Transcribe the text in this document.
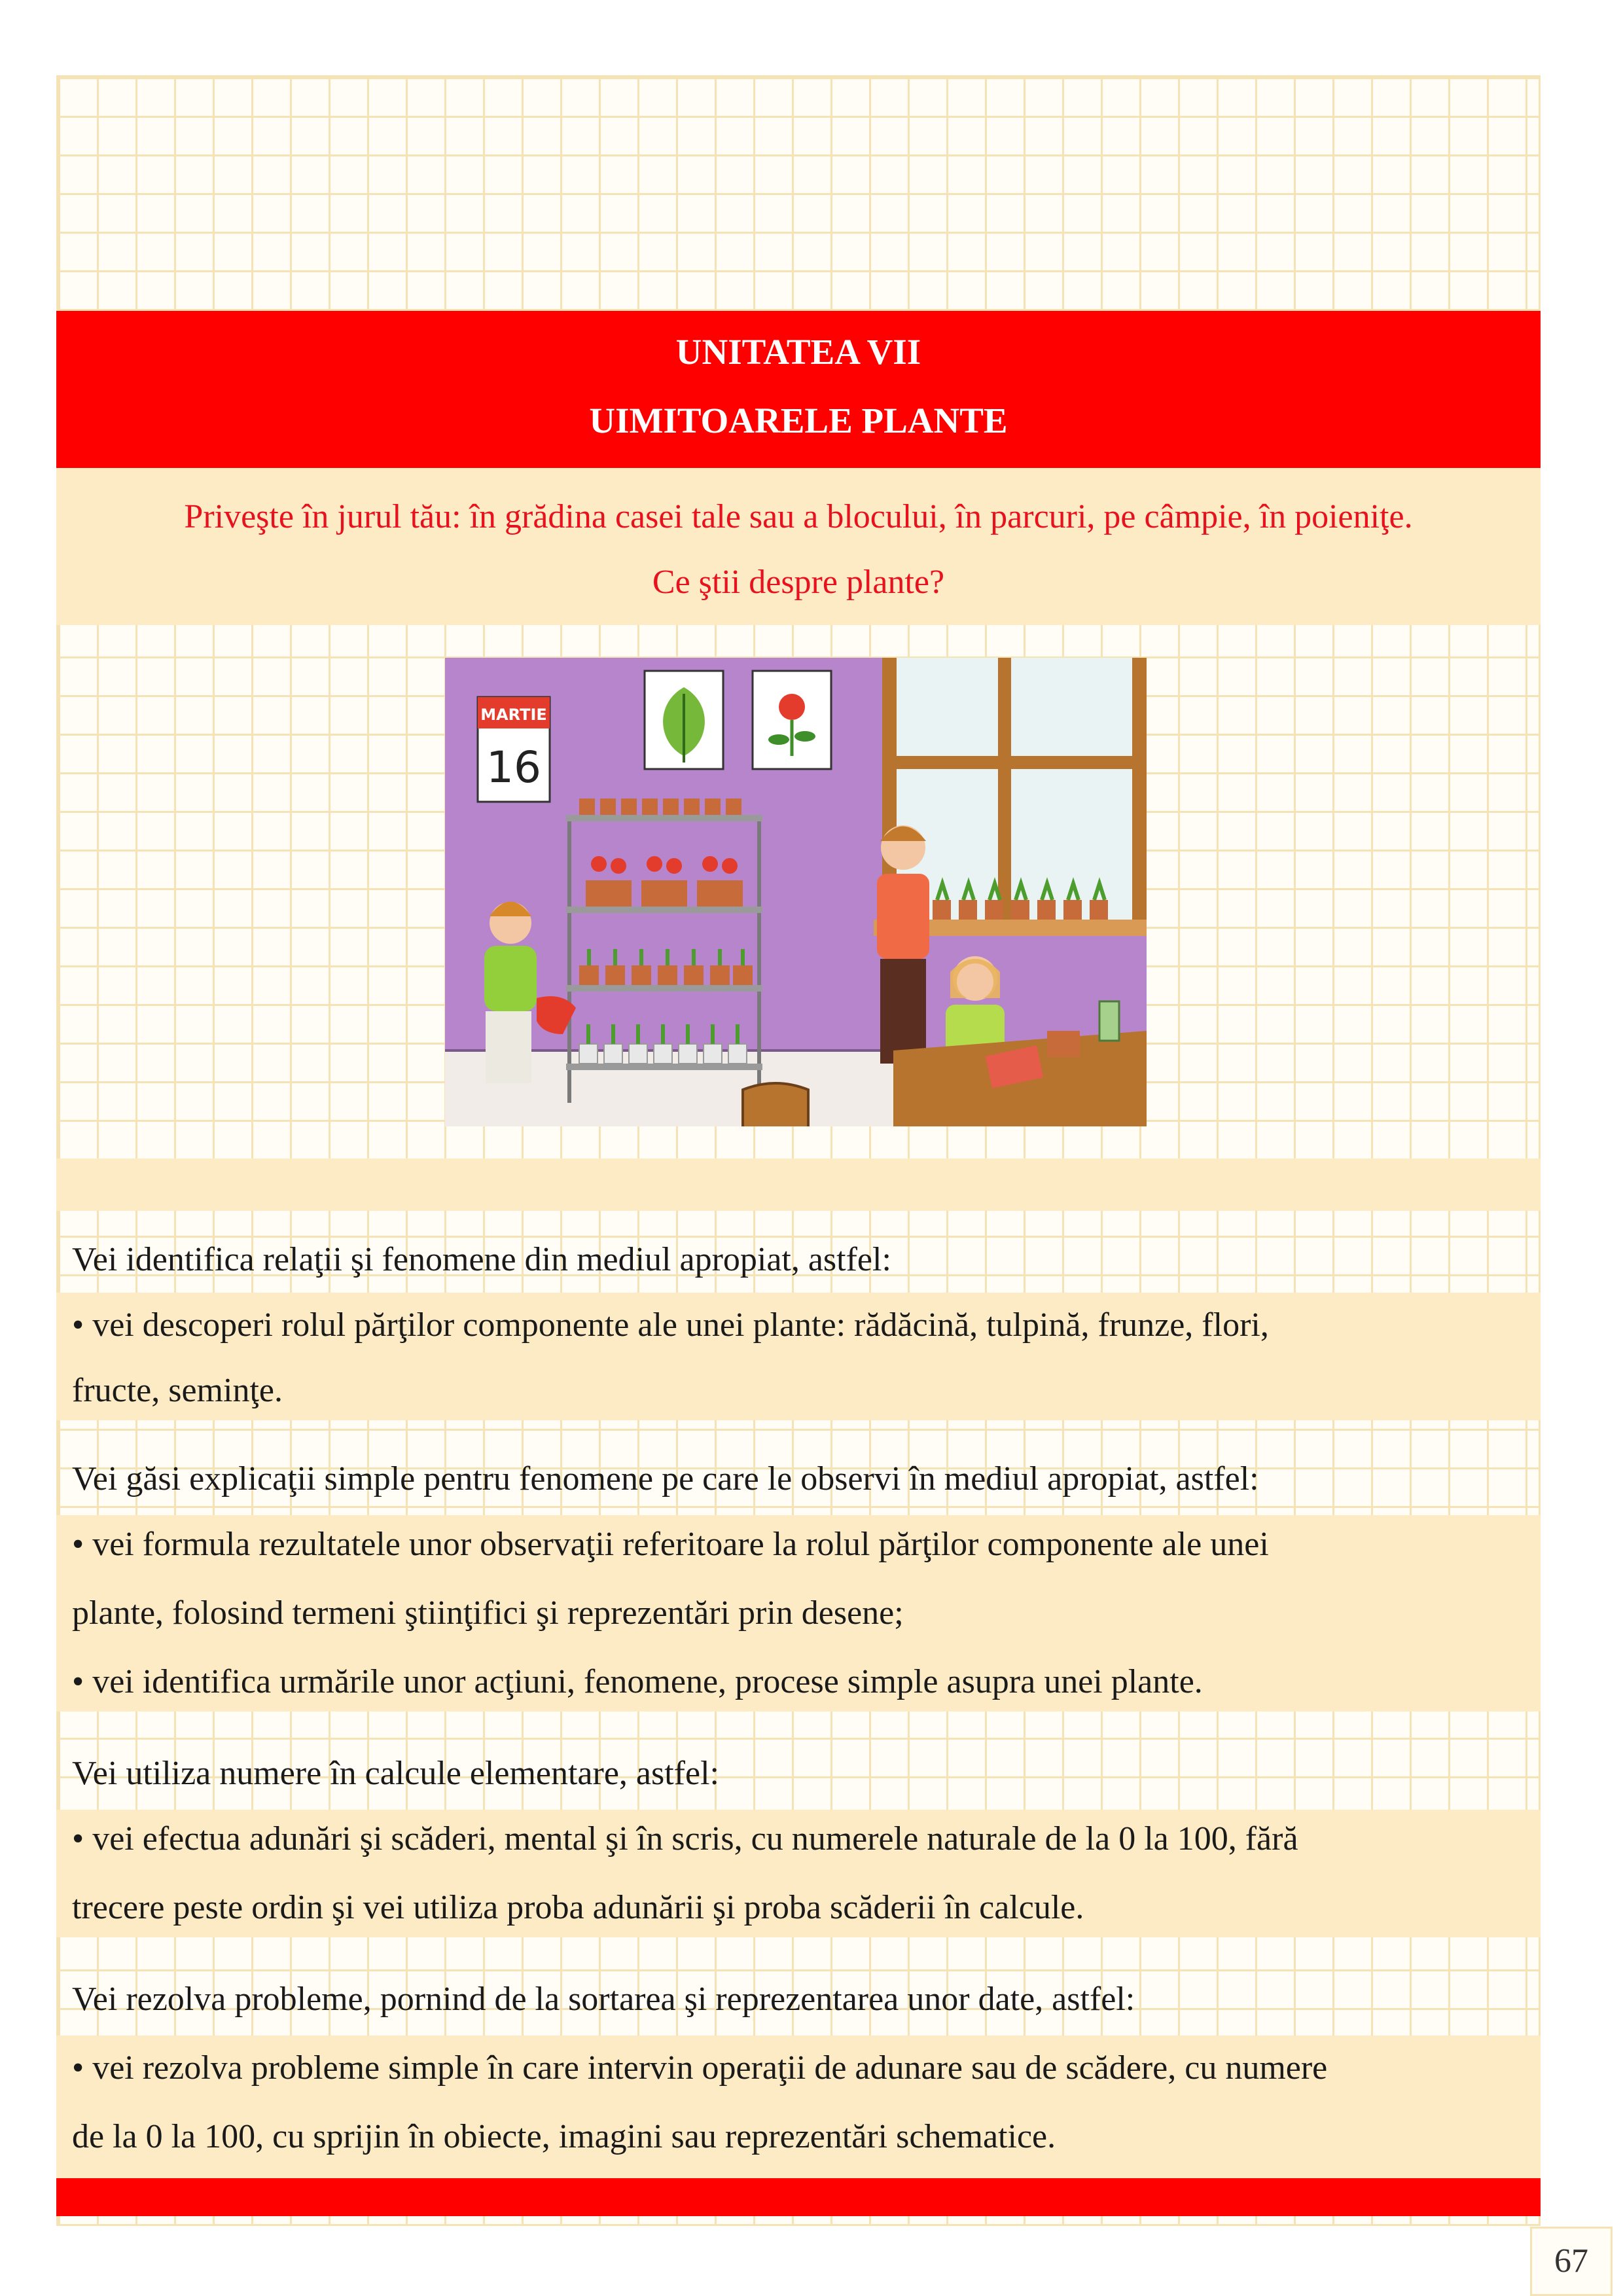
UNITATEA VII
UIMITOARELE PLANTE
Priveşte în jurul tău: în grădina casei tale sau a blocului, în parcuri, pe câmpie, în poieniţe.
Ce ştii despre plante?
MARTIE
16
Vei identifica relaţii şi fenomene din mediul apropiat, astfel:
• vei descoperi rolul părţilor componente ale unei plante: rădăcină, tulpină, frunze, flori,
fructe, seminţe.
Vei găsi explicaţii simple pentru fenomene pe care le observi în mediul apropiat, astfel:
• vei formula rezultatele unor observaţii referitoare la rolul părţilor componente ale unei
plante, folosind termeni ştiinţifici şi reprezentări prin desene;
• vei identifica urmările unor acţiuni, fenomene, procese simple asupra unei plante.
Vei utiliza numere în calcule elementare, astfel:
• vei efectua adunări şi scăderi, mental şi în scris, cu numerele naturale de la 0 la 100, fără
trecere peste ordin şi vei utiliza proba adunării şi proba scăderii în calcule.
Vei rezolva probleme, pornind de la sortarea şi reprezentarea unor date, astfel:
• vei rezolva probleme simple în care intervin operaţii de adunare sau de scădere, cu numere
de la 0 la 100, cu sprijin în obiecte, imagini sau reprezentări schematice.
67
